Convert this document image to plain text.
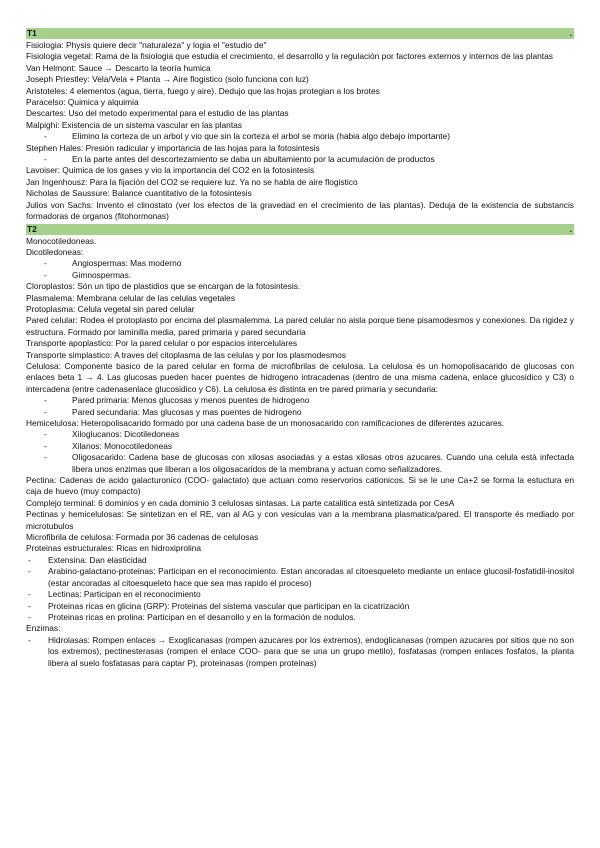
T1	.
Fisiologia: Physis quiere decir "naturaleza" y logia el "estudio de"
Fisiologia vegetal: Rama de la fisiologia que estudia el crecimiento, el desarrollo y la regulación por factores externos y internos de las plantas
Van Helmont: Sauce → Descarto la teoría humica
Joseph Priestley: Vela/Vela + Planta → Aire flogistico (solo funciona con luz)
Aristoteles: 4 elementos (agua, tierra, fuego y aire). Dedujo que las hojas protegian a los brotes
Paracelso: Quimica y alquimia
Descartes: Uso del metodo experimental para el estudio de las plantas
Malpighi: Existencia de un sistema vascular en las plantas
-	Elimino la corteza de un arbol y vio que sin la corteza el arbol se moria (habia algo debajo importante)
Stephen Hales: Presión radicular y importancia de las hojas para la fotosintesis
-	En la parte antes del descortezamiento se daba un abultamiento por la acumulación de productos
Lavoiser: Quimica de los gases y vio la importancia del CO2 en la fotosintesis
Jan Ingenhousz: Para la fijación del CO2 se requiere luz. Ya no se habla de aire flogistico
Nicholas de Saussure: Balance cuantitativo de la fotosintesis
Julios von Sachs: Invento el clinostato (ver los efectos de la gravedad en el crecimiento de las plantas). Deduja de la existencia de substancis formadoras de organos (fitohormonas)
T2	.
Monocotiledoneas.
Dicotiledoneas:
-	Angiospermas: Mas moderno
-	Gimnospermas.
Cloroplastos: Són un tipo de plastidios que se encargan de la fotosintesis.
Plasmalema: Membrana celular de las celulas vegetales
Protoplasma: Celula vegetal sin pared celular
Pared celular: Rodea el protoplasto por encima del plasmalemma. La pared celular no aisla porque tiene pisamodesmos y conexiones. Da rigidez y estructura. Formado por laminilla media, pared primaria y pared secundaria
Transporte apoplastico: Por la pared celular o por espacios intercelulares
Transporte simplastico: A traves del citoplasma de las celulas y por los plasmodesmos
Celulosa: Componente basico de la pared celular en forma de microfibrilas de celulosa. La celulosa és un homopolisacarido de glucosas con enlaces beta 1 → 4. Las glucosas pueden hacer puentes de hidrogeno intracadenas (dentro de una misma cadena, enlace glucosidico y C3) o intercadena (entre cadenasenlace glucosidico y C6). La celulosa és distinta en tre pared primaria y secundaria:
-	Pared primaria: Menos glucosas y menos puentes de hidrogeno
-	Pared secundaria: Mas glucosas y mas puentes de hidrogeno
Hemicelulosa: Heteropolisacarido formado por una cadena base de un monosacarido con ramificaciones de diferentes azucares.
-	Xiloglucanos: Dicotiledoneas
-	Xilanos: Monocotiledoneas
-	Oligosacarido: Cadena base de glucosas con xilosas asociadas y a estas xilosas otros azucares. Cuando una celula està infectada libera unos enzimas que liberan a los oligosacaridos de la membrana y actuan como señalizadores.
Pectina: Cadenas de acido galacturonico (COO- galactato) que actuan como reservorios cationicos. Si se le une Ca+2 se forma la estuctura en caja de huevo (muy compacto)
Complejo terminal: 6 dominios y en cada dominio 3 celulosas sintasas. La parte catalitica està sintetizada por CesA
Pectinas y hemicelulosas: Se sintetizan en el RE, van al AG y con vesiculas van a la membrana plasmatica/pared. El transporte és mediado por microtubulos
Microfibrila de celulosa: Formada por 36 cadenas de celulosas
Proteinas estructurales: Ricas en hidroxiprolina
- Extensina: Dan elasticidad
- Arabino-galactano-proteinas: Participan en el reconocimiento. Estan ancoradas al citoesqueleto mediante un enlace glucosil-fosfatidil-inositol (estar ancoradas al citoesqueleto hace que sea mas rapido el proceso)
- Lectinas: Participan en el reconocimiento
- Proteinas ricas en glicina (GRP): Proteinas del sistema vascular que participan en la cicatrización
- Proteinas ricas en prolina: Participan en el desarrollo y en la formación de nodulos.
Enzimas:
- Hidrolasas: Rompen enlaces → Exoglicanasas (rompen azucares por los extremos), endoglicanasas (rompen azucares por sitios que no son los extremos), pectinesterasas (rompen el enlace COO- para que se una un grupo metilo), fosfatasas (rompen enlaces fosfatos, la planta libera al suelo fosfatasas para captar P), proteinasas (rompen proteinas)
